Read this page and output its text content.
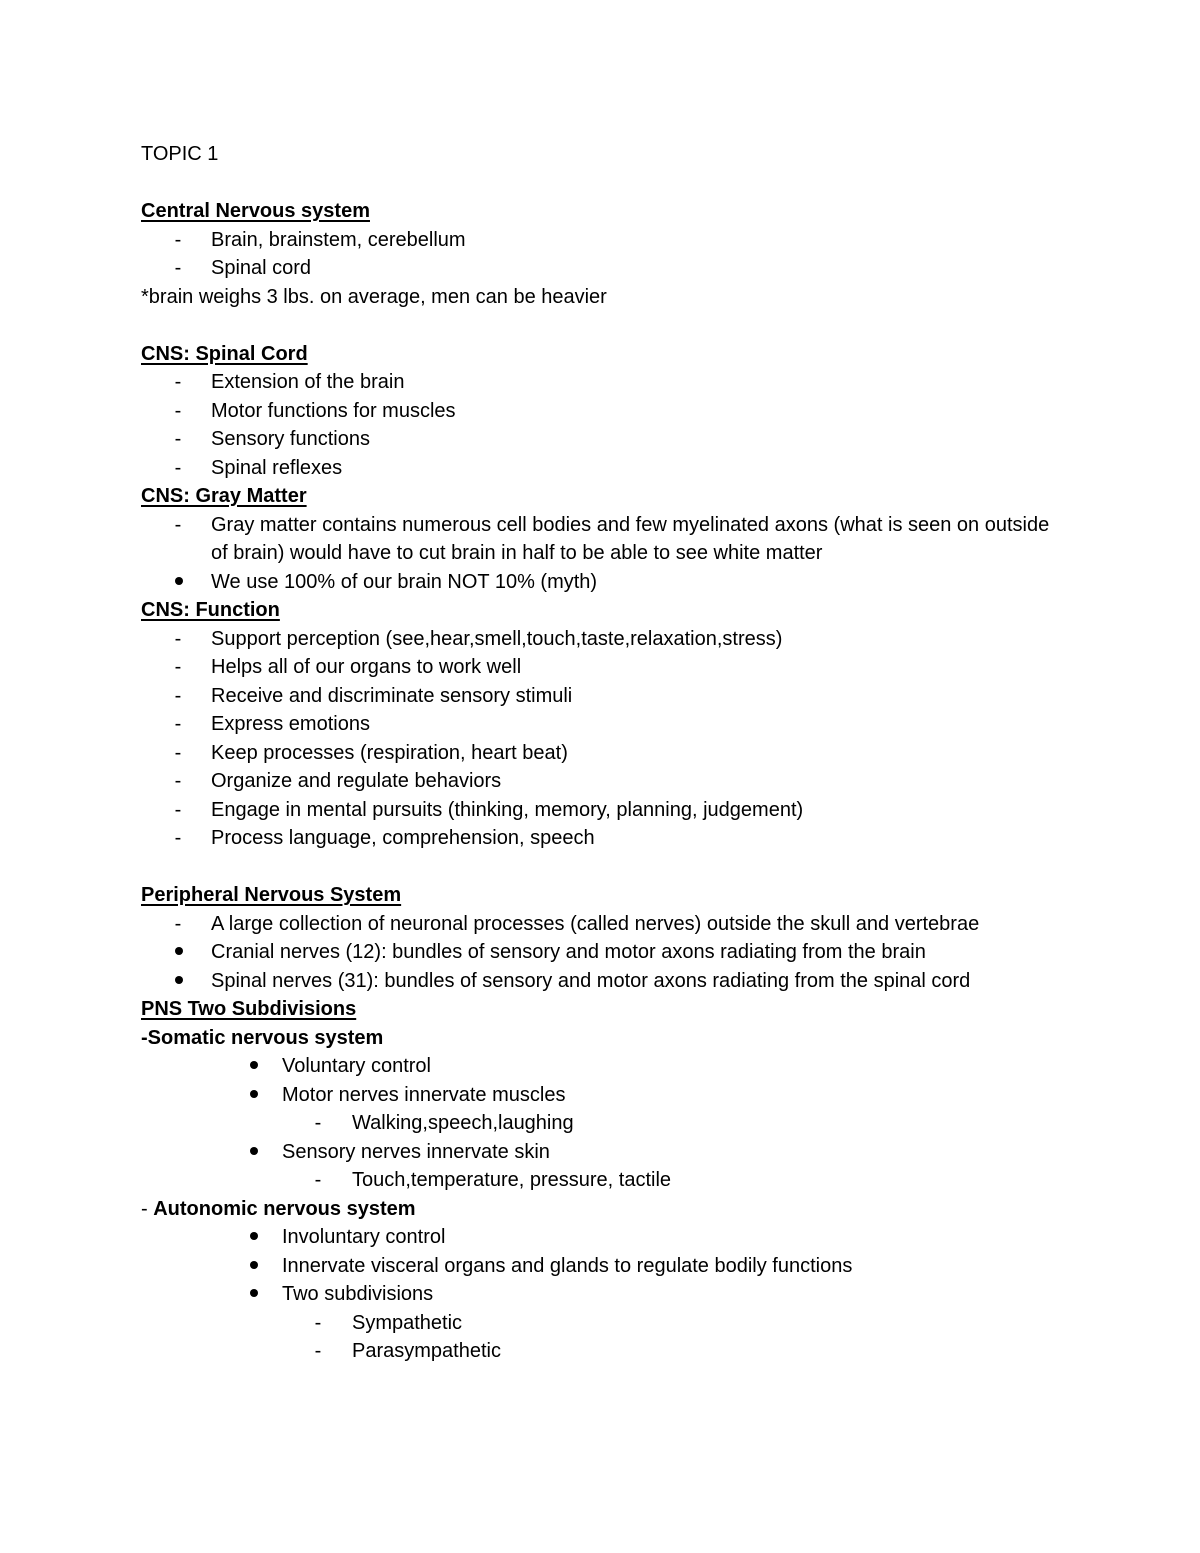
TOPIC 1
Central Nervous system
-	Brain, brainstem, cerebellum
-	Spinal cord
*brain weighs 3 lbs. on average, men can be heavier
CNS: Spinal Cord
-	Extension of the brain
-	Motor functions for muscles
-	Sensory functions
-	Spinal reflexes
CNS: Gray Matter
-	Gray matter contains numerous cell bodies and few myelinated axons (what is seen on outside of brain) would have to cut brain in half to be able to see white matter
We use 100% of our brain NOT 10% (myth)
CNS: Function
-	Support perception (see,hear,smell,touch,taste,relaxation,stress)
-	Helps all of our organs to work well
-	Receive and discriminate sensory stimuli
-	Express emotions
-	Keep processes (respiration, heart beat)
-	Organize and regulate behaviors
-	Engage in mental pursuits (thinking, memory, planning, judgement)
-	Process language, comprehension, speech
Peripheral Nervous System
-	A large collection of neuronal processes (called nerves) outside the skull and vertebrae
Cranial nerves (12): bundles of sensory and motor axons radiating from the brain
Spinal nerves (31): bundles of sensory and motor axons radiating from the spinal cord
PNS Two Subdivisions
-Somatic nervous system
Voluntary control
Motor nerves innervate muscles
-	Walking,speech,laughing
Sensory nerves innervate skin
-	Touch,temperature, pressure, tactile
- Autonomic nervous system
Involuntary control
Innervate visceral organs and glands to regulate bodily functions
Two subdivisions
-	Sympathetic
-	Parasympathetic
